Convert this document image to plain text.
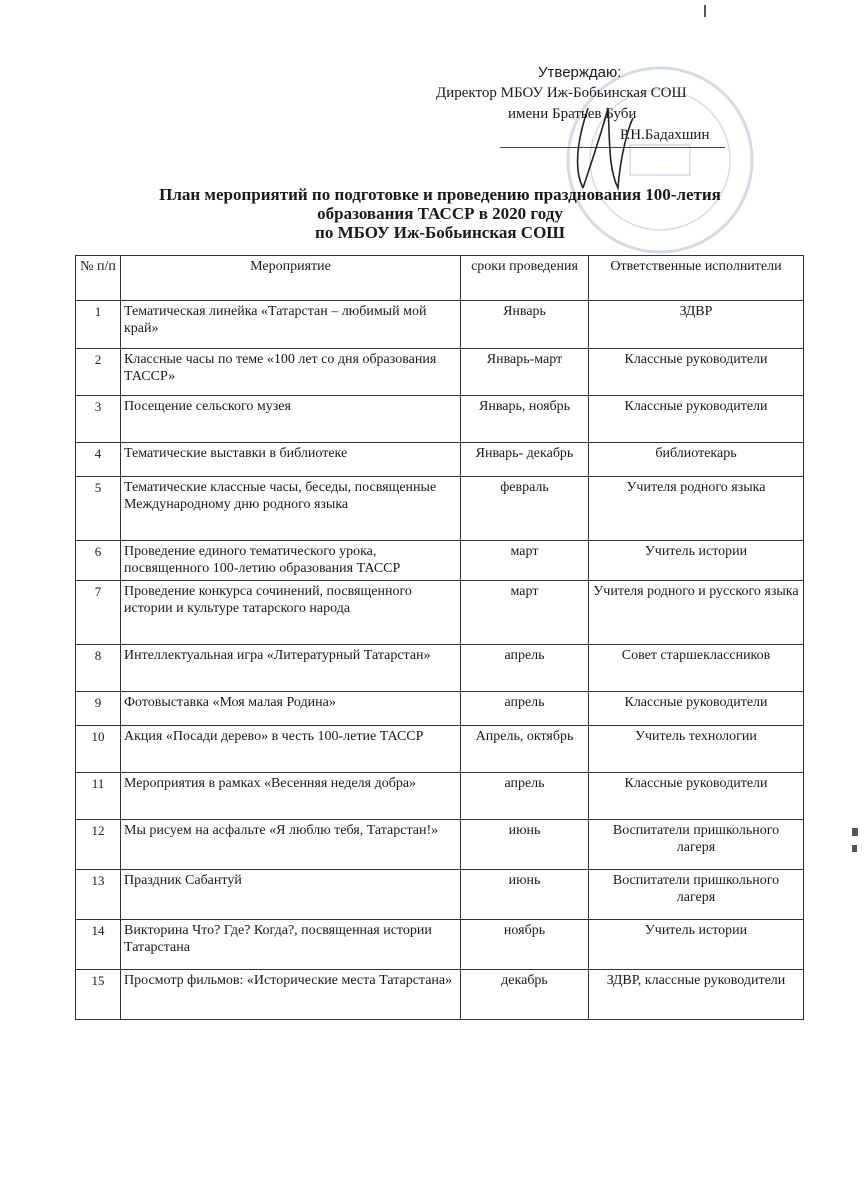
Утверждаю:
Директор МБОУ Иж-Бобьинская СОШ
имени Братьев Буби
Р.Н.Бадахшин
План мероприятий по подготовке и проведению празднования 100-летия
образования ТАССР в 2020 году
по МБОУ Иж-Бобьинская СОШ
№ п/п	Мероприятие	сроки проведения	Ответственные исполнители
1	Тематическая линейка «Татарстан – любимый мой край»	Январь	ЗДВР
2	Классные часы по теме «100 лет со дня образования ТАССР»	Январь-март	Классные руководители
3	Посещение сельского музея	Январь, ноябрь	Классные руководители
4	Тематические выставки в библиотеке	Январь- декабрь	библиотекарь
5	Тематические классные часы, беседы, посвященные Международному дню родного языка	февраль	Учителя родного языка
6	Проведение единого тематического урока, посвященного 100-летию образования ТАССР	март	Учитель истории
7	Проведение конкурса сочинений, посвященного истории и культуре татарского народа	март	Учителя родного и русского языка
8	Интеллектуальная игра «Литературный Татарстан»	апрель	Совет старшеклассников
9	Фотовыставка «Моя малая Родина»	апрель	Классные руководители
10	Акция «Посади дерево» в честь 100-летие ТАССР	Апрель, октябрь	Учитель технологии
11	Мероприятия в рамках «Весенняя неделя добра»	апрель	Классные руководители
12	Мы рисуем на асфальте «Я люблю тебя, Татарстан!»	июнь	Воспитатели пришкольного лагеря
13	Праздник Сабантуй	июнь	Воспитатели пришкольного лагеря
14	Викторина Что? Где? Когда?, посвященная истории Татарстана	ноябрь	Учитель истории
15	Просмотр фильмов: «Исторические места Татарстана»	декабрь	ЗДВР, классные руководители
